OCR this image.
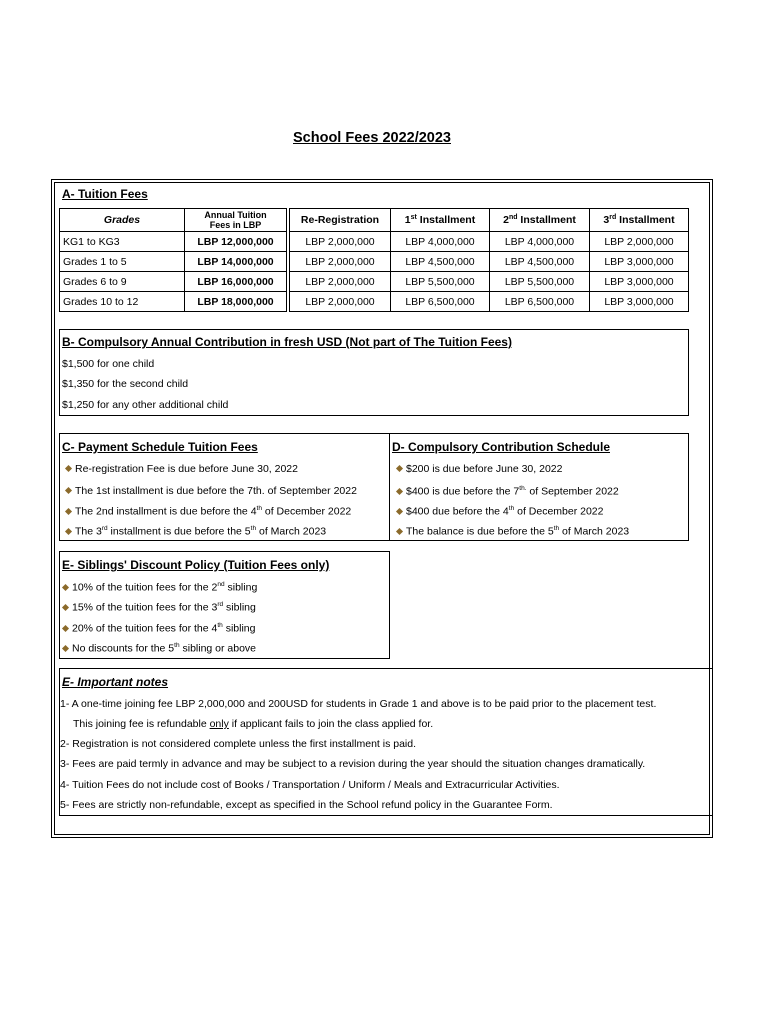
School Fees 2022/2023
A- Tuition Fees
Grades	Annual Tuition
Fees in LBP		Re-Registration	1st Installment	2nd Installment	3rd Installment
KG1 to KG3	LBP 12,000,000		LBP 2,000,000	LBP 4,000,000	LBP 4,000,000	LBP 2,000,000
Grades 1 to 5	LBP 14,000,000		LBP 2,000,000	LBP 4,500,000	LBP 4,500,000	LBP 3,000,000
Grades 6 to 9	LBP 16,000,000		LBP 2,000,000	LBP 5,500,000	LBP 5,500,000	LBP 3,000,000
Grades 10 to 12	LBP 18,000,000		LBP 2,000,000	LBP 6,500,000	LBP 6,500,000	LBP 3,000,000
B- Compulsory Annual Contribution in fresh USD (Not part of The Tuition Fees)
$1,500 for one child
$1,350 for the second child
$1,250 for any other additional child
C- Payment Schedule Tuition Fees
Re-registration Fee is due before June 30, 2022
The 1st installment is due before the 7th. of September 2022
The 2nd installment is due before the 4th of December 2022
The 3rd installment is due before the 5th of March 2023
D- Compulsory Contribution Schedule
$200 is due before June 30, 2022
$400 is due before the $7^{th.}$ of September 2022
$400 due before the 4th of December 2022
The balance is due before the 5th of March 2023
E- Siblings' Discount Policy (Tuition Fees only)
10% of the tuition fees for the 2nd sibling
15% of the tuition fees for the 3rd sibling
20% of the tuition fees for the 4th sibling
No discounts for the 5th sibling or above
E- Important notes
1- A one-time joining fee LBP 2,000,000 and 200USD for students in Grade 1 and above is to be paid prior to the placement test.
This joining fee is refundable only if applicant fails to join the class applied for.
2- Registration is not considered complete unless the first installment is paid.
3- Fees are paid termly in advance and may be subject to a revision during the year should the situation changes dramatically.
4- Tuition Fees do not include cost of Books / Transportation / Uniform / Meals and Extracurricular Activities.
5- Fees are strictly non-refundable, except as specified in the School refund policy in the Guarantee Form.
